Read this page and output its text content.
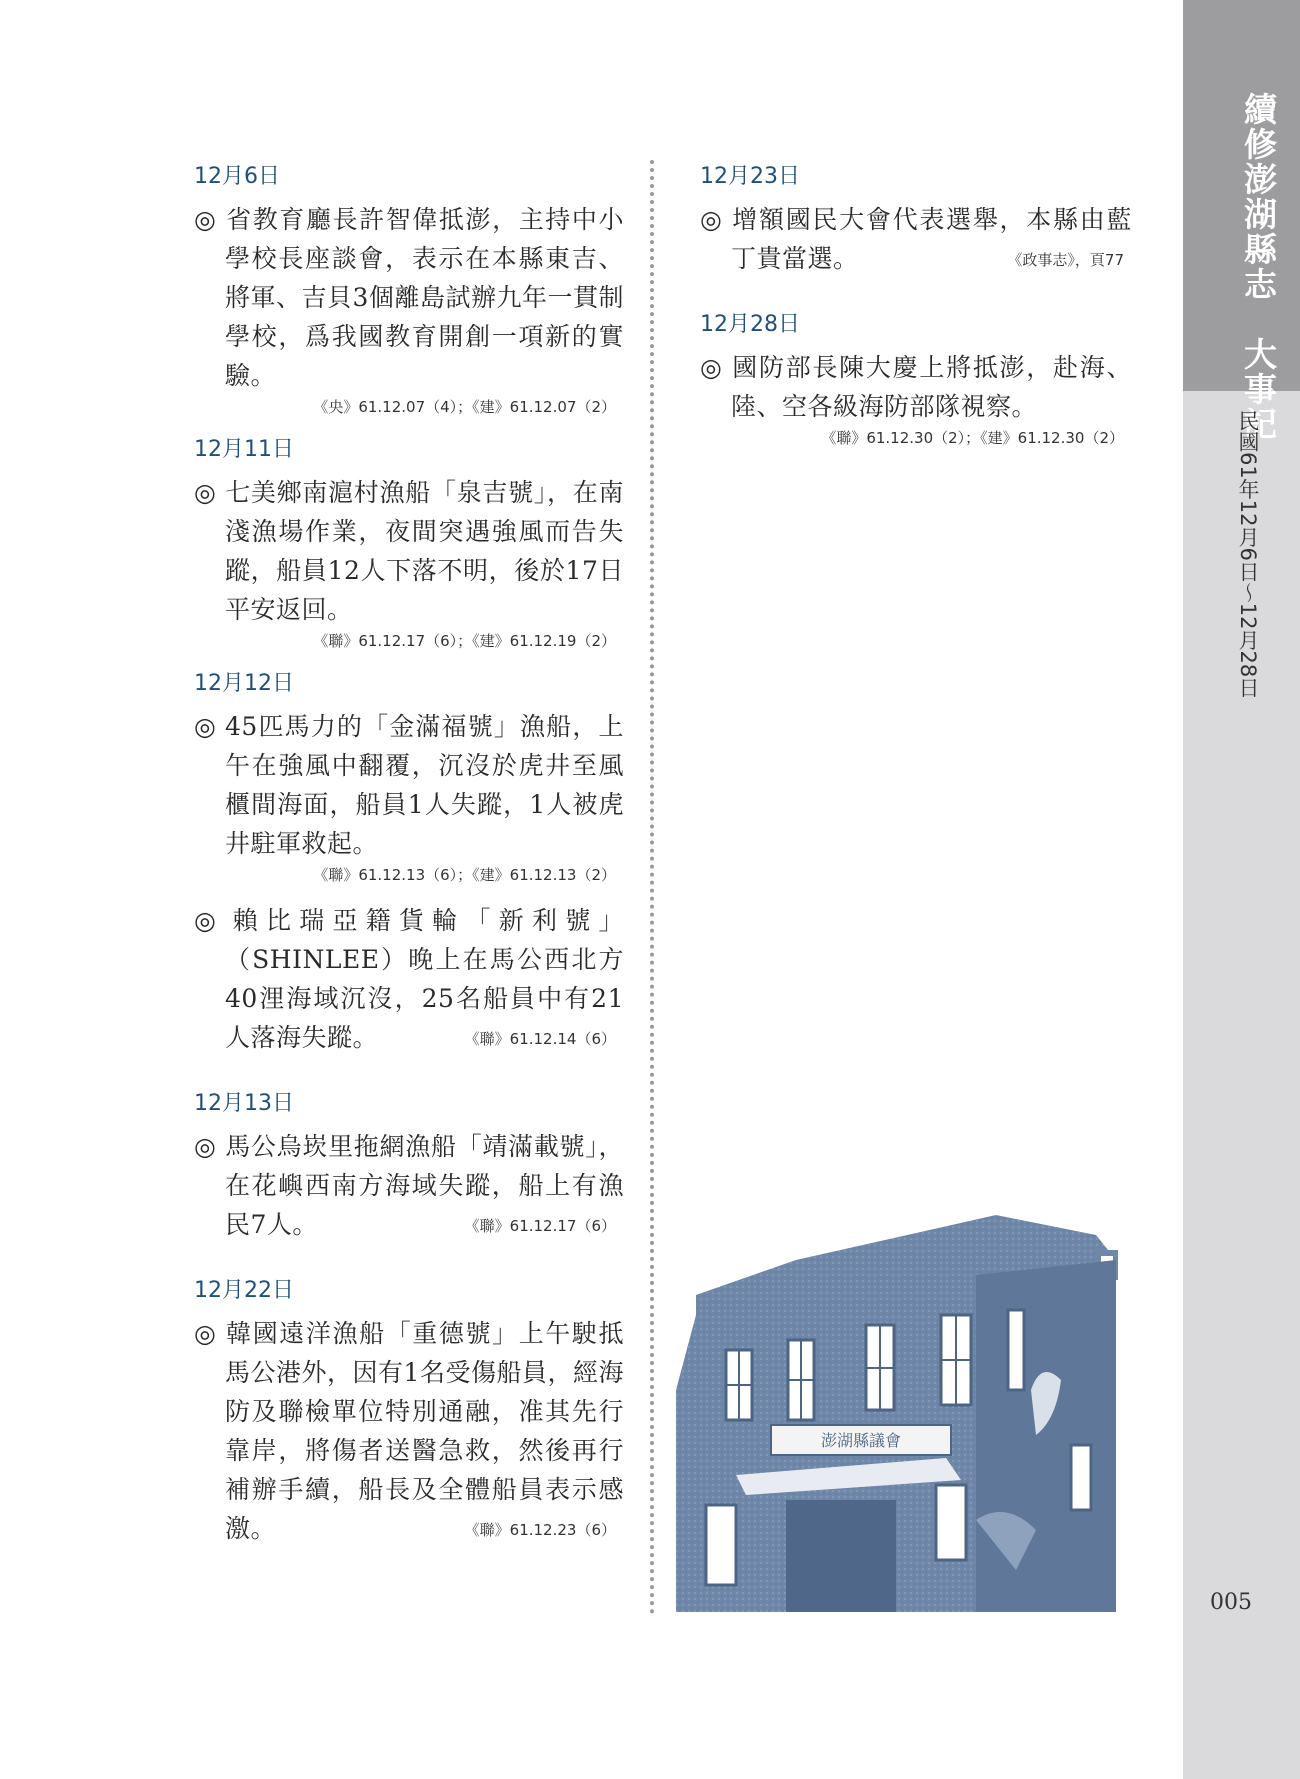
續修澎湖縣志　大事記
民國61年12月6日～12月28日
005
12月6日
◎ 省教育廳長許智偉抵澎，主持中小學校長座談會，表示在本縣東吉、將軍、吉貝3個離島試辦九年一貫制學校，爲我國教育開創一項新的實驗。
《央》61.12.07（4）；《建》61.12.07（2）
12月11日
◎ 七美鄉南滬村漁船「泉吉號」，在南淺漁場作業，夜間突遇強風而告失蹤，船員12人下落不明，後於17日平安返回。
《聯》61.12.17（6）；《建》61.12.19（2）
12月12日
◎ 45匹馬力的「金滿福號」漁船，上午在強風中翻覆，沉沒於虎井至風櫃間海面，船員1人失蹤，1人被虎井駐軍救起。
《聯》61.12.13（6）；《建》61.12.13（2）
◎ 賴比瑞亞籍貨輪「新利號」（SHINLEE）晚上在馬公西北方40浬海域沉沒，25名船員中有21人落海失蹤。	《聯》61.12.14（6）
12月13日
◎ 馬公烏崁里拖網漁船「靖滿載號」，在花嶼西南方海域失蹤，船上有漁民7人。	《聯》61.12.17（6）
12月22日
◎ 韓國遠洋漁船「重德號」上午駛抵馬公港外，因有1名受傷船員，經海防及聯檢單位特別通融，准其先行靠岸，將傷者送醫急救，然後再行補辦手續，船長及全體船員表示感激。	《聯》61.12.23（6）
12月23日
◎ 增額國民大會代表選舉，本縣由藍丁貴當選。	《政事志》，頁77
12月28日
◎ 國防部長陳大慶上將抵澎，赴海、陸、空各級海防部隊視察。
《聯》61.12.30（2）；《建》61.12.30（2）
澎湖縣議會
